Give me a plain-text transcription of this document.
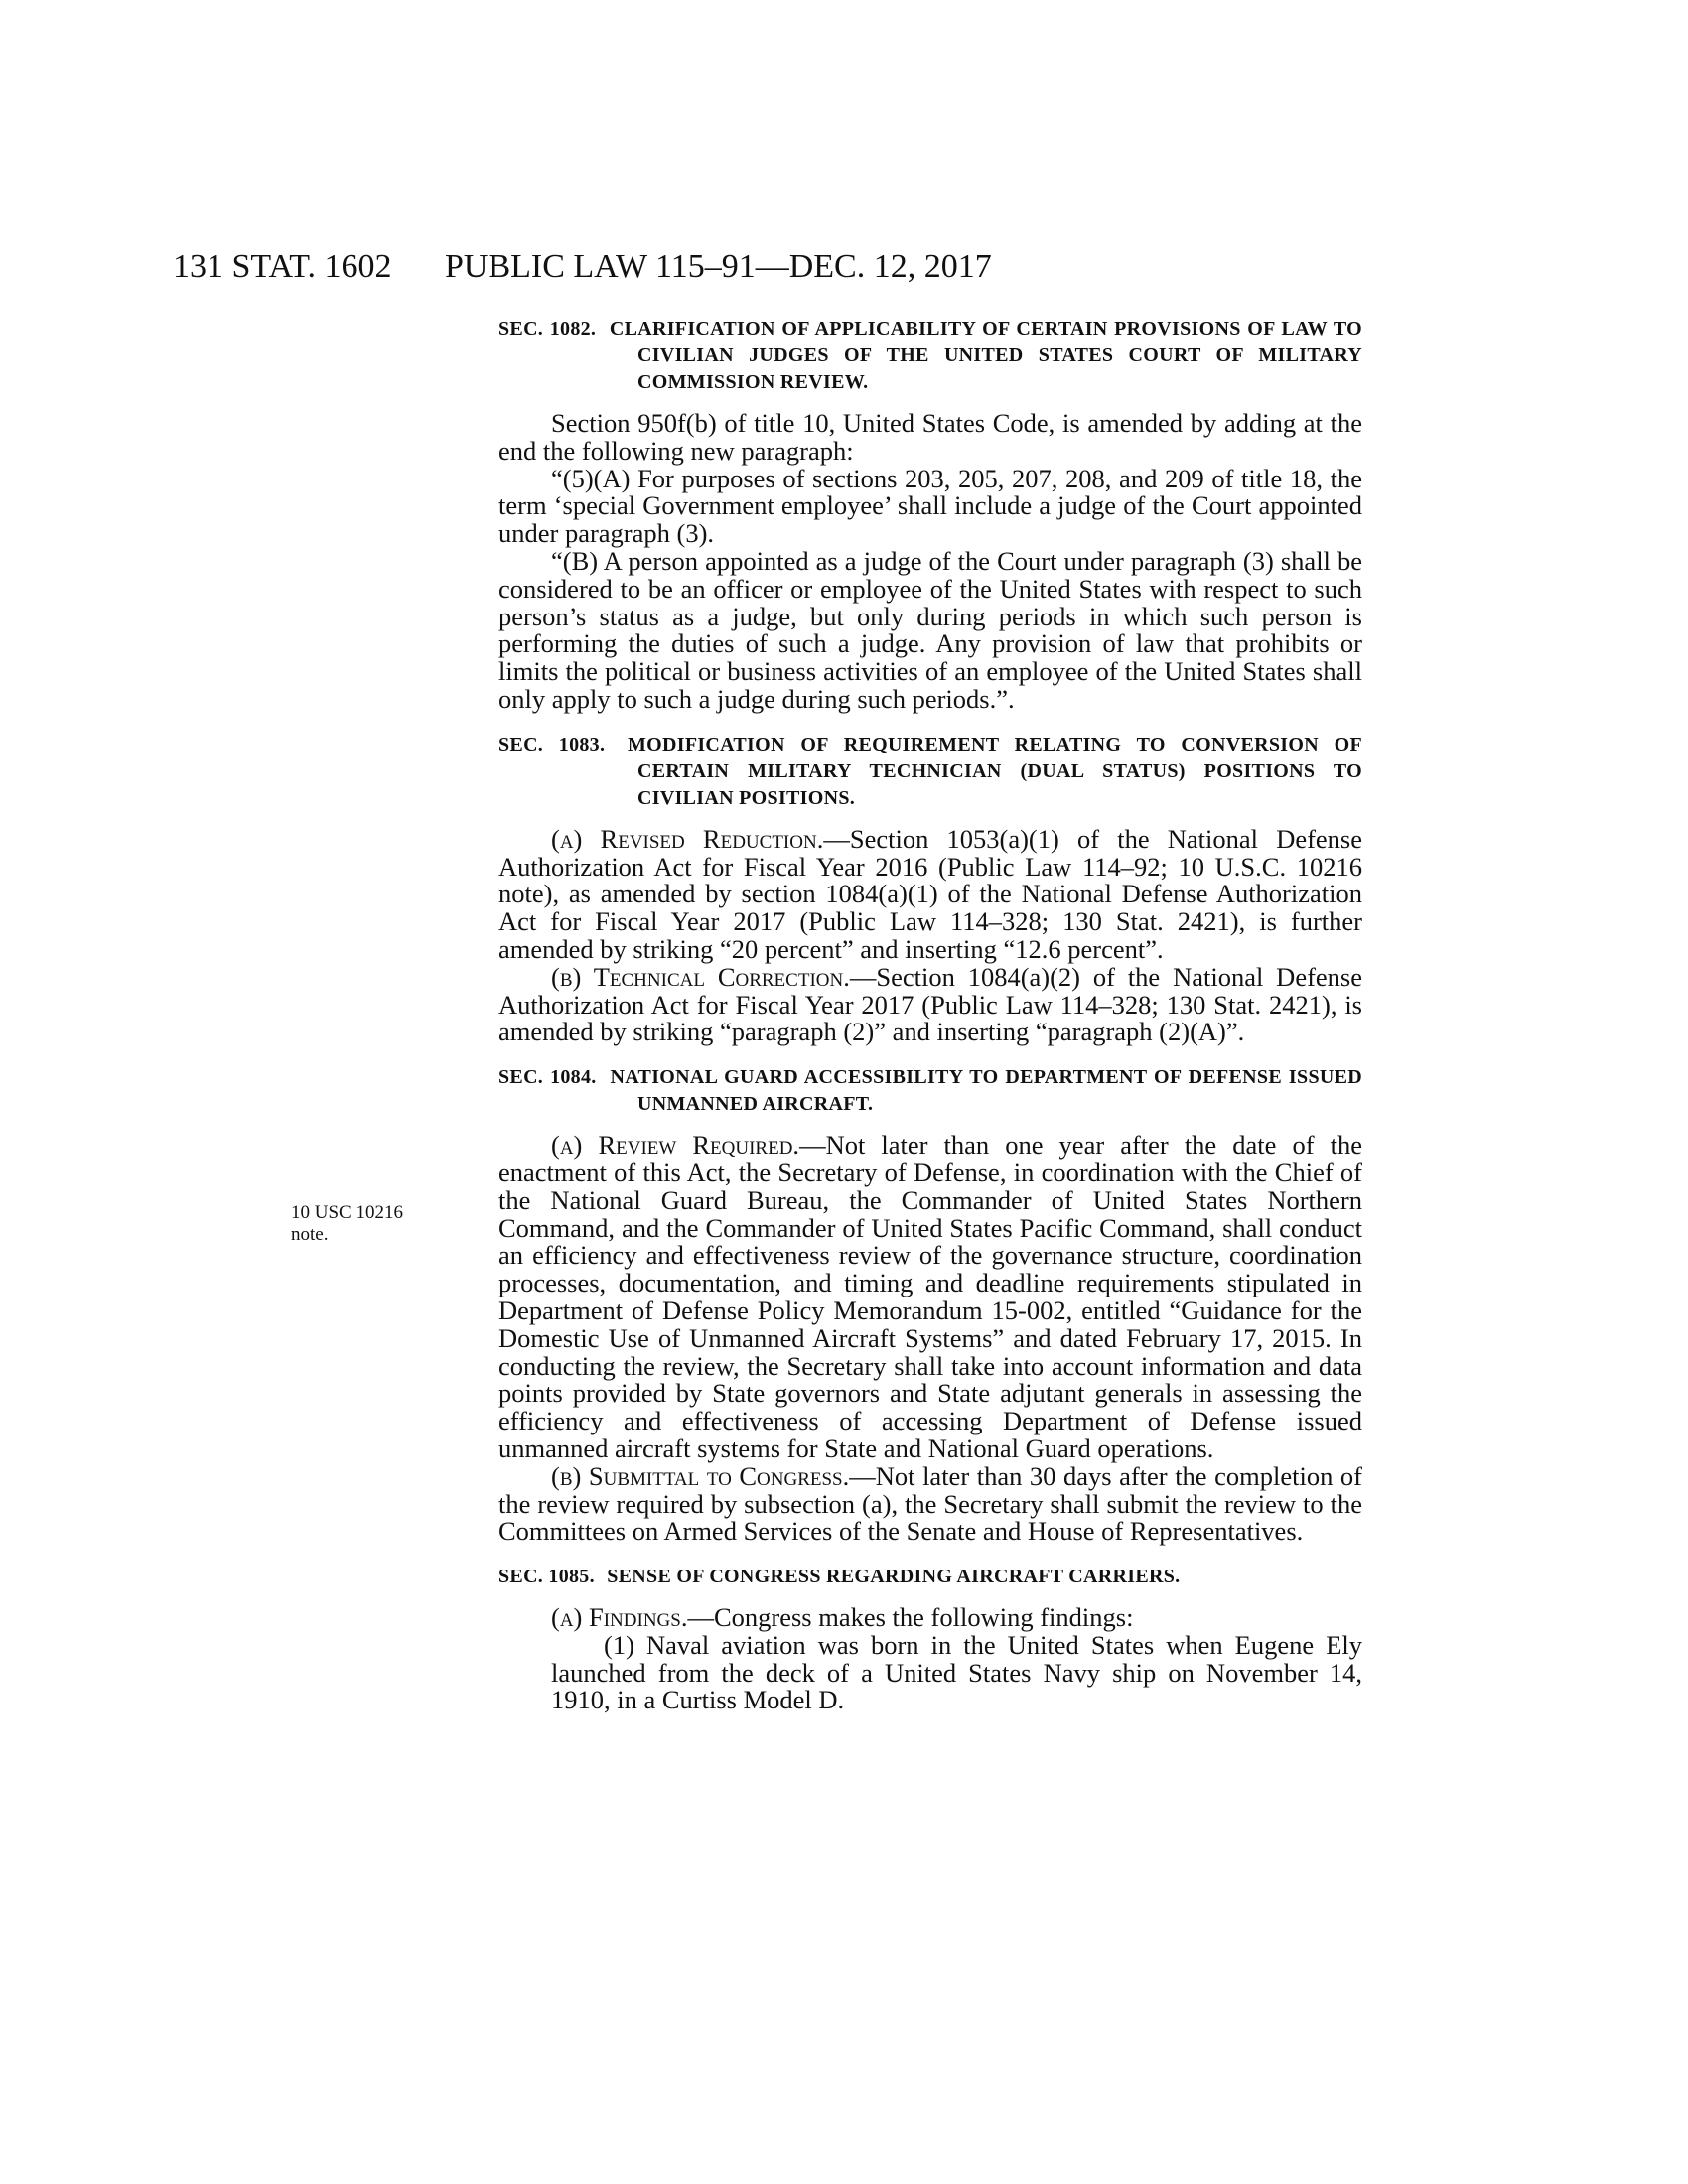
131 STAT. 1602 PUBLIC LAW 115–91—DEC. 12, 2017
10 USC 10216
note.
SEC. 1082. CLARIFICATION OF APPLICABILITY OF CERTAIN PROVISIONS OF LAW TO CIVILIAN JUDGES OF THE UNITED STATES COURT OF MILITARY COMMISSION REVIEW.

Section 950f(b) of title 10, United States Code, is amended by adding at the end the following new paragraph:

“(5)(A) For purposes of sections 203, 205, 207, 208, and 209 of title 18, the term ‘special Government employee’ shall include a judge of the Court appointed under paragraph (3).

“(B) A person appointed as a judge of the Court under paragraph (3) shall be considered to be an officer or employee of the United States with respect to such person’s status as a judge, but only during periods in which such person is performing the duties of such a judge. Any provision of law that prohibits or limits the political or business activities of an employee of the United States shall only apply to such a judge during such periods.”.

SEC. 1083. MODIFICATION OF REQUIREMENT RELATING TO CONVERSION OF CERTAIN MILITARY TECHNICIAN (DUAL STATUS) POSITIONS TO CIVILIAN POSITIONS.

(a) Revised Reduction.—Section 1053(a)(1) of the National Defense Authorization Act for Fiscal Year 2016 (Public Law 114–92; 10 U.S.C. 10216 note), as amended by section 1084(a)(1) of the National Defense Authorization Act for Fiscal Year 2017 (Public Law 114–328; 130 Stat. 2421), is further amended by striking “20 percent” and inserting “12.6 percent”.

(b) Technical Correction.—Section 1084(a)(2) of the National Defense Authorization Act for Fiscal Year 2017 (Public Law 114–328; 130 Stat. 2421), is amended by striking “paragraph (2)” and inserting “paragraph (2)(A)”.

SEC. 1084. NATIONAL GUARD ACCESSIBILITY TO DEPARTMENT OF DEFENSE ISSUED UNMANNED AIRCRAFT.

(a) Review Required.—Not later than one year after the date of the enactment of this Act, the Secretary of Defense, in coordination with the Chief of the National Guard Bureau, the Commander of United States Northern Command, and the Commander of United States Pacific Command, shall conduct an efficiency and effectiveness review of the governance structure, coordination processes, documentation, and timing and deadline requirements stipulated in Department of Defense Policy Memorandum 15-002, entitled “Guidance for the Domestic Use of Unmanned Aircraft Systems” and dated February 17, 2015. In conducting the review, the Secretary shall take into account information and data points provided by State governors and State adjutant generals in assessing the efficiency and effectiveness of accessing Department of Defense issued unmanned aircraft systems for State and National Guard operations.

(b) Submittal to Congress.—Not later than 30 days after the completion of the review required by subsection (a), the Secretary shall submit the review to the Committees on Armed Services of the Senate and House of Representatives.

SEC. 1085. SENSE OF CONGRESS REGARDING AIRCRAFT CARRIERS.

(a) Findings.—Congress makes the following findings:

(1) Naval aviation was born in the United States when Eugene Ely launched from the deck of a United States Navy ship on November 14, 1910, in a Curtiss Model D.
